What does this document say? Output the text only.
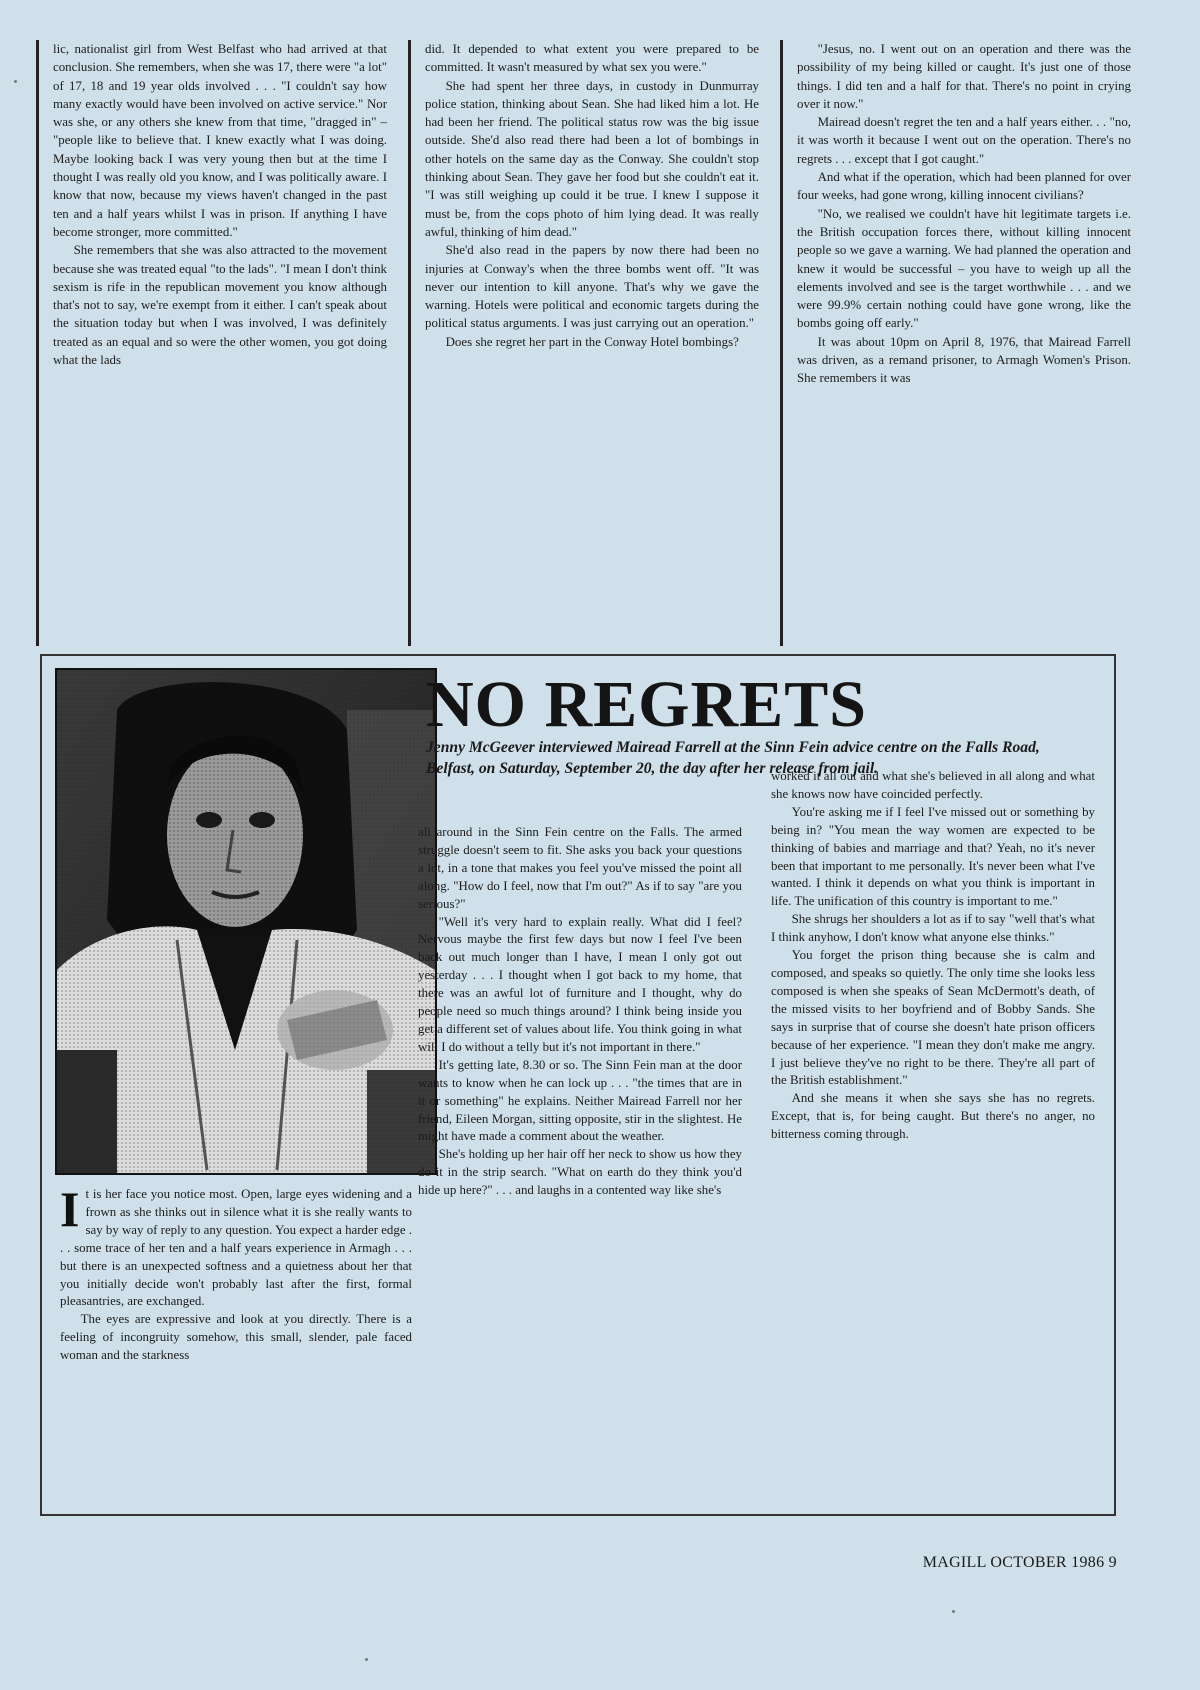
lic, nationalist girl from West Belfast who had arrived at that conclusion. She remembers, when she was 17, there were "a lot" of 17, 18 and 19 year olds involved . . . "I couldn't say how many exactly would have been involved on active service." Nor was she, or any others she knew from that time, "dragged in" – "people like to believe that. I knew exactly what I was doing. Maybe looking back I was very young then but at the time I thought I was really old you know, and I was politically aware. I know that now, because my views haven't changed in the past ten and a half years whilst I was in prison. If anything I have become stronger, more committed."

She remembers that she was also attracted to the movement because she was treated equal "to the lads". "I mean I don't think sexism is rife in the republican movement you know although that's not to say, we're exempt from it either. I can't speak about the situation today but when I was involved, I was definitely treated as an equal and so were the other women, you got doing what the lads

did. It depended to what extent you were prepared to be committed. It wasn't measured by what sex you were."

She had spent her three days, in custody in Dunmurray police station, thinking about Sean. She had liked him a lot. He had been her friend. The political status row was the big issue outside. She'd also read there had been a lot of bombings in other hotels on the same day as the Conway. She couldn't stop thinking about Sean. They gave her food but she couldn't eat it. "I was still weighing up could it be true. I knew I suppose it must be, from the cops photo of him lying dead. It was really awful, thinking of him dead."

She'd also read in the papers by now there had been no injuries at Conway's when the three bombs went off. "It was never our intention to kill anyone. That's why we gave the warning. Hotels were political and economic targets during the political status arguments. I was just carrying out an operation."

Does she regret her part in the Conway Hotel bombings?

"Jesus, no. I went out on an operation and there was the possibility of my being killed or caught. It's just one of those things. I did ten and a half for that. There's no point in crying over it now."

Mairead doesn't regret the ten and a half years either. . . "no, it was worth it because I went out on the operation. There's no regrets . . . except that I got caught."

And what if the operation, which had been planned for over four weeks, had gone wrong, killing innocent civilians?

"No, we realised we couldn't have hit legitimate targets i.e. the British occupation forces there, without killing innocent people so we gave a warning. We had planned the operation and knew it would be successful – you have to weigh up all the elements involved and see is the target worthwhile . . . and we were 99.9% certain nothing could have gone wrong, like the bombs going off early."

It was about 10pm on April 8, 1976, that Mairead Farrell was driven, as a remand prisoner, to Armagh Women's Prison. She remembers it was

NO REGRETS
Jenny McGeever interviewed Mairead Farrell at the Sinn Fein advice centre on the Falls Road, Belfast, on Saturday, September 20, the day after her release from jail.

It is her face you notice most. Open, large eyes widening and a frown as she thinks out in silence what it is she really wants to say by way of reply to any question. You expect a harder edge . . . some trace of her ten and a half years experience in Armagh . . . but there is an unexpected softness and a quietness about her that you initially decide won't probably last after the first, formal pleasantries, are exchanged.

The eyes are expressive and look at you directly. There is a feeling of incongruity somehow, this small, slender, pale faced woman and the starkness

all around in the Sinn Fein centre on the Falls. The armed struggle doesn't seem to fit. She asks you back your questions a lot, in a tone that makes you feel you've missed the point all along. "How do I feel, now that I'm out?" As if to say "are you serious?"

"Well it's very hard to explain really. What did I feel? Nervous maybe the first few days but now I feel I've been back out much longer than I have, I mean I only got out yesterday . . . I thought when I got back to my home, that there was an awful lot of furniture and I thought, why do people need so much things around? I think being inside you get a different set of values about life. You think going in what will I do without a telly but it's not important in there."

It's getting late, 8.30 or so. The Sinn Fein man at the door wants to know when he can lock up . . . "the times that are in it or something" he explains. Neither Mairead Farrell nor her friend, Eileen Morgan, sitting opposite, stir in the slightest. He might have made a comment about the weather.

She's holding up her hair off her neck to show us how they do it in the strip search. "What on earth do they think you'd hide up here?" . . . and laughs in a contented way like she's

worked it all out and what she's believed in all along and what she knows now have coincided perfectly.

You're asking me if I feel I've missed out or something by being in? "You mean the way women are expected to be thinking of babies and marriage and that? Yeah, no it's never been that important to me personally. It's never been what I've wanted. I think it depends on what you think is important in life. The unification of this country is important to me."

She shrugs her shoulders a lot as if to say "well that's what I think anyhow, I don't know what anyone else thinks."

You forget the prison thing because she is calm and composed, and speaks so quietly. The only time she looks less composed is when she speaks of Sean McDermott's death, of the missed visits to her boyfriend and of Bobby Sands. She says in surprise that of course she doesn't hate prison officers because of her experience. "I mean they don't make me angry. I just believe they've no right to be there. They're all part of the British establishment."

And she means it when she says she has no regrets. Except, that is, for being caught. But there's no anger, no bitterness coming through.

MAGILL OCTOBER 1986 9
